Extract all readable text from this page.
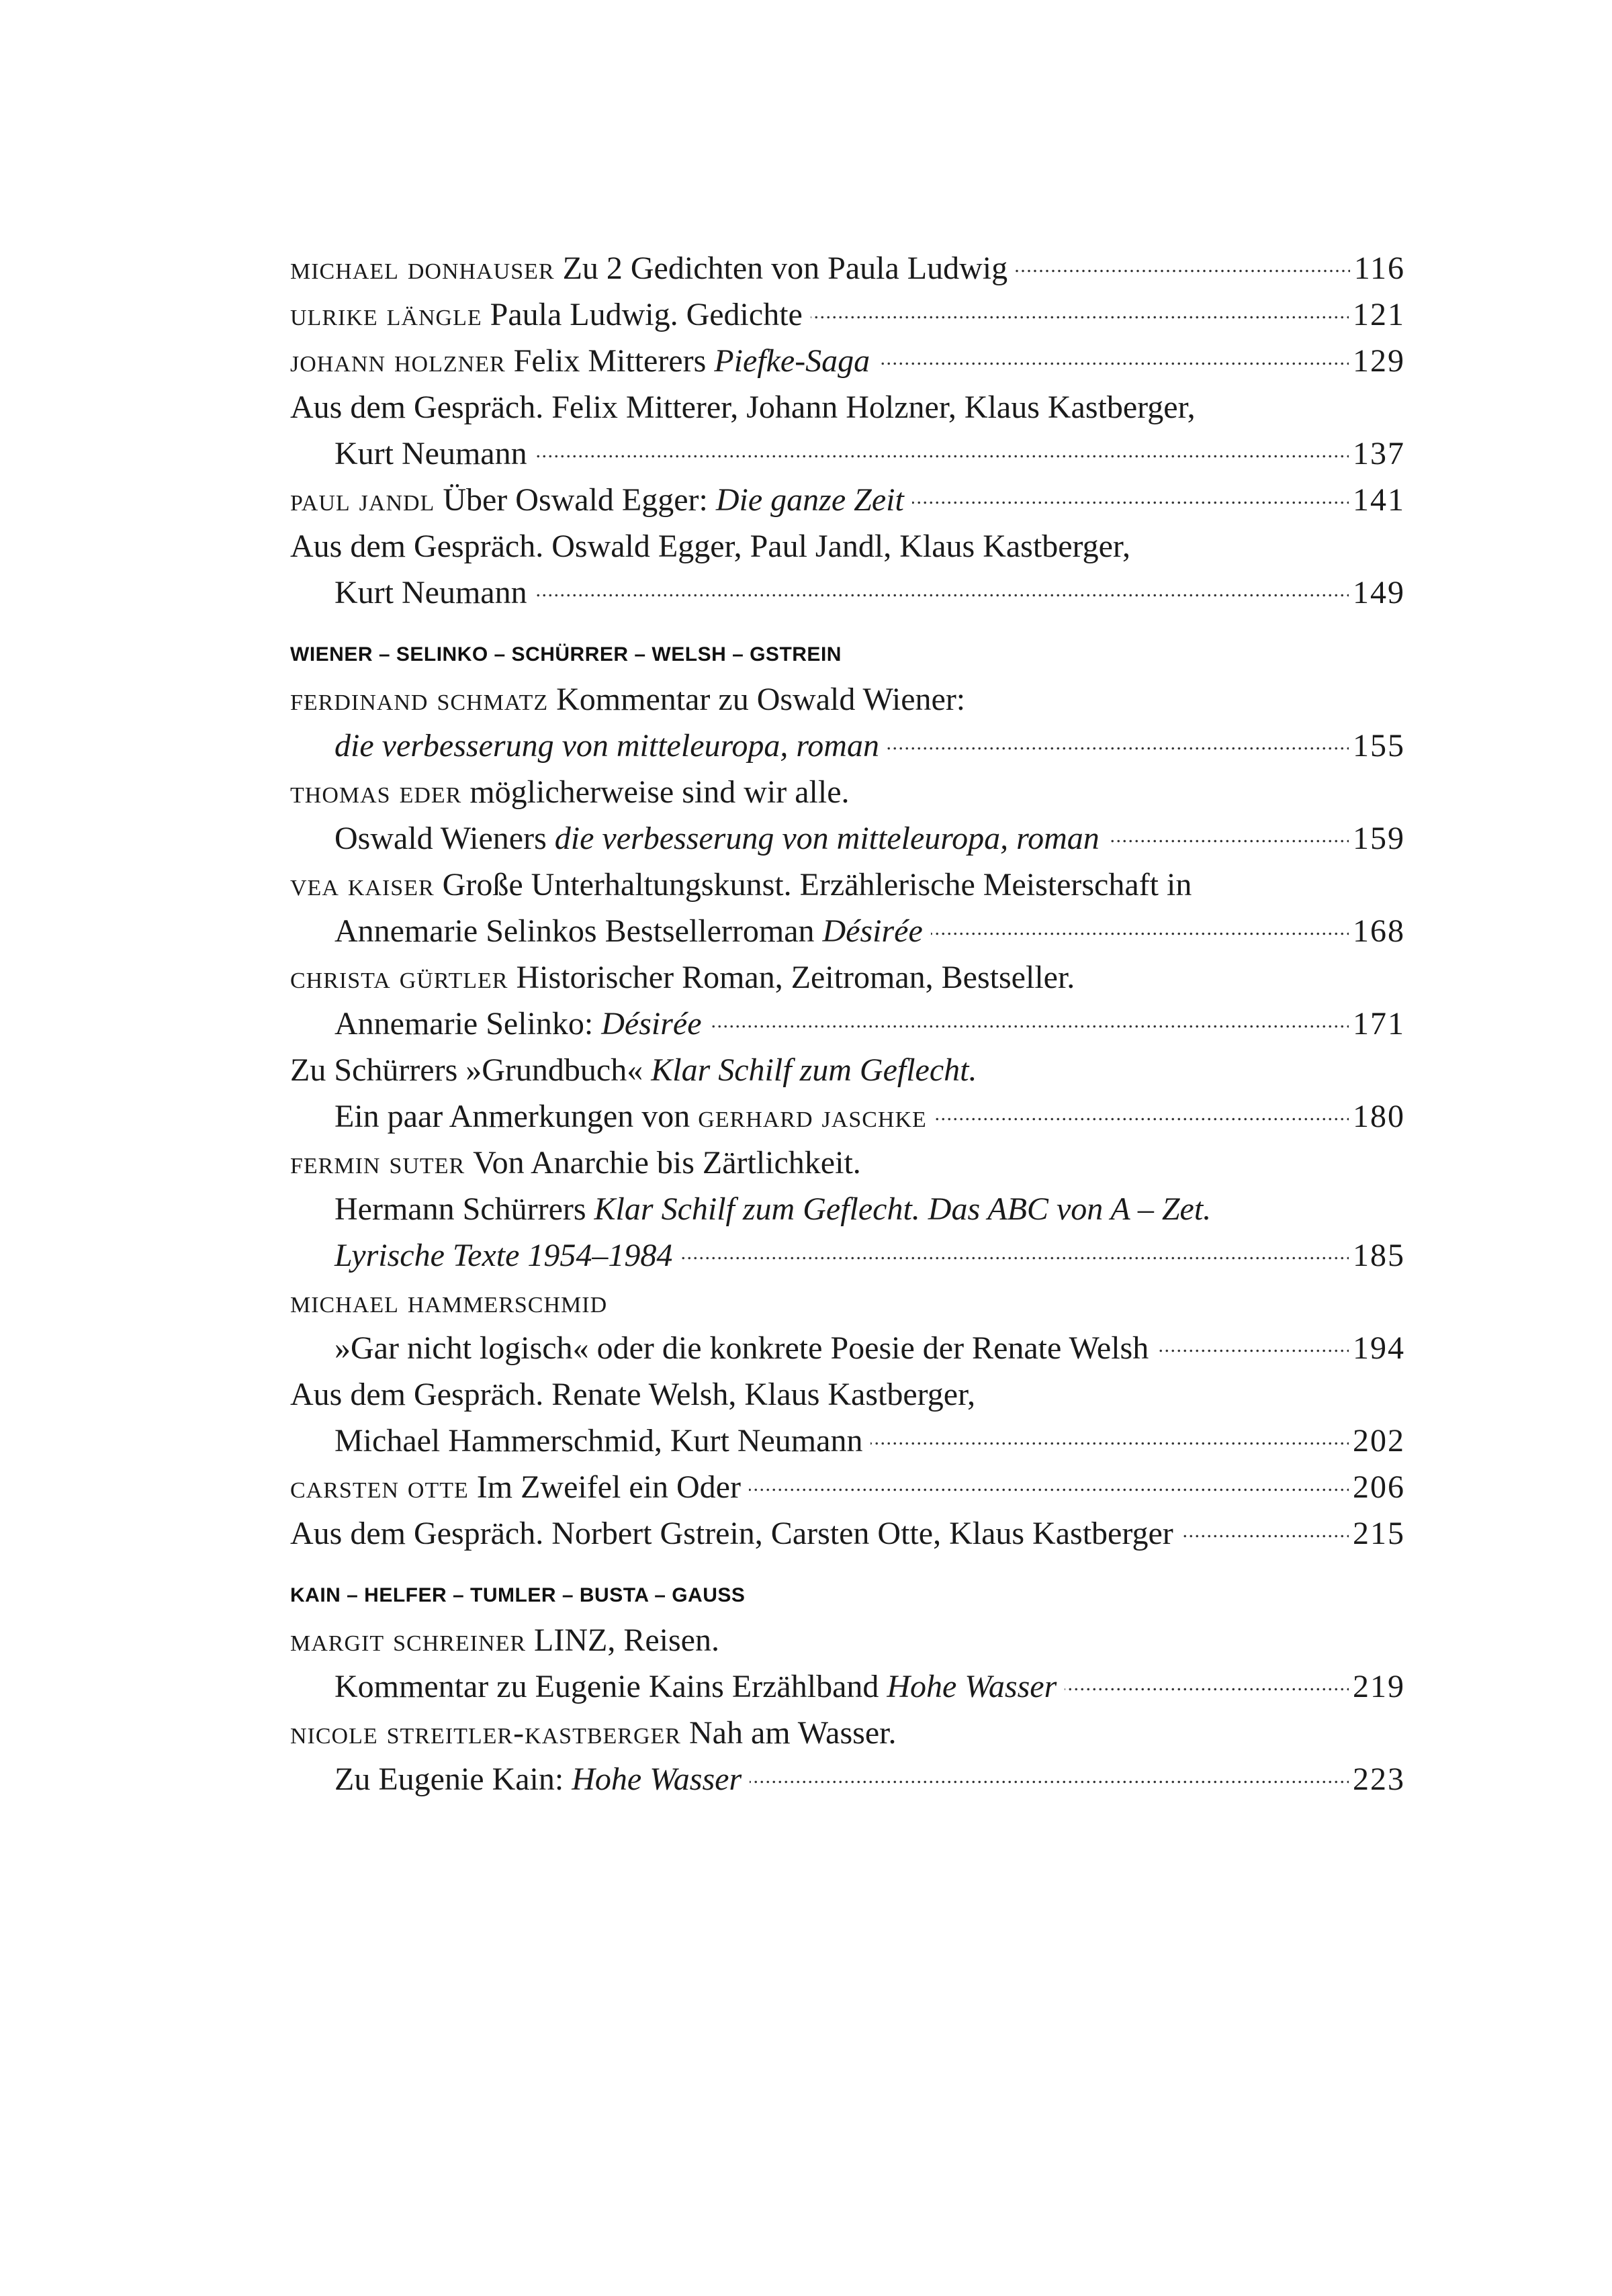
michael donhauser
Zu 2 Gedichten von Paula Ludwig . . .	116
ulrike längle
Paula Ludwig. Gedichte . . .	121
johann holzner
Felix Mitterers Piefke-Saga . . .	129
Aus dem Gespräch. Felix Mitterer, Johann Holzner, Klaus Kastberger,
Kurt Neumann . . .	137
paul jandl
Über Oswald Egger: Die ganze Zeit . . .	141
Aus dem Gespräch. Oswald Egger, Paul Jandl, Klaus Kastberger,
Kurt Neumann . . .	149
WIENER – SELINKO – SCHÜRRER – WELSH – GSTREIN
ferdinand schmatz
Kommentar zu Oswald Wiener:
die verbesserung von mitteleuropa, roman . . .	155
thomas eder
möglicherweise sind wir alle.
Oswald Wieners die verbesserung von mitteleuropa, roman . . .	159
vea kaiser
Große Unterhaltungskunst. Erzählerische Meisterschaft in
Annemarie Selinkos Bestsellerroman Désirée . . .	168
christa gürtler
Historischer Roman, Zeitroman, Bestseller.
Annemarie Selinko: Désirée . . .	171
Zu Schürrers »Grundbuch« Klar Schilf zum Geflecht.
Ein paar Anmerkungen von gerhard jaschke . . .	180
fermin suter
Von Anarchie bis Zärtlichkeit.
Hermann Schürrers Klar Schilf zum Geflecht. Das ABC von A – Zet.
Lyrische Texte 1954–1984 . . .	185
michael hammerschmid

»Gar nicht logisch« oder die konkrete Poesie der Renate Welsh . . .	194
Aus dem Gespräch. Renate Welsh, Klaus Kastberger,
Michael Hammerschmid, Kurt Neumann . . .	202
carsten otte
Im Zweifel ein Oder . . .	206
Aus dem Gespräch. Norbert Gstrein, Carsten Otte, Klaus Kastberger . . .	215
KAIN – HELFER – TUMLER – BUSTA – GAUSS
margit schreiner
LINZ, Reisen.
Kommentar zu Eugenie Kains Erzählband Hohe Wasser . . .	219
nicole streitler-kastberger
Nah am Wasser.
Zu Eugenie Kain: Hohe Wasser . . .	223
